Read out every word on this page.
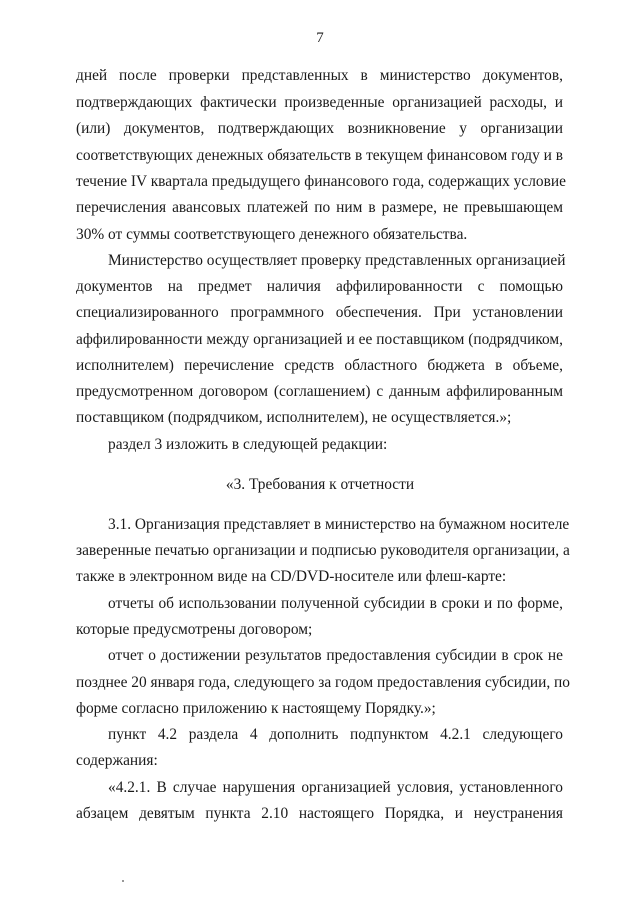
7
дней после проверки представленных в министерство документов,
подтверждающих фактически произведенные организацией расходы, и
(или) документов, подтверждающих возникновение у организации
соответствующих денежных обязательств в текущем финансовом году и в
течение IV квартала предыдущего финансового года, содержащих условие
перечисления авансовых платежей по ним в размере, не превышающем
30% от суммы соответствующего денежного обязательства.
Министерство осуществляет проверку представленных организацией
документов на предмет наличия аффилированности с помощью
специализированного программного обеспечения. При установлении
аффилированности между организацией и ее поставщиком (подрядчиком,
исполнителем) перечисление средств областного бюджета в объеме,
предусмотренном договором (соглашением) с данным аффилированным
поставщиком (подрядчиком, исполнителем), не осуществляется.»;
раздел 3 изложить в следующей редакции:
«3. Требования к отчетности
3.1. Организация представляет в министерство на бумажном носителе
заверенные печатью организации и подписью руководителя организации, а
также в электронном виде на CD/DVD-носителе или флеш-карте:
отчеты об использовании полученной субсидии в сроки и по форме,
которые предусмотрены договором;
отчет о достижении результатов предоставления субсидии в срок не
позднее 20 января года, следующего за годом предоставления субсидии, по
форме согласно приложению к настоящему Порядку.»;
пункт 4.2 раздела 4 дополнить подпунктом 4.2.1 следующего
содержания:
«4.2.1. В случае нарушения организацией условия, установленного
абзацем девятым пункта 2.10 настоящего Порядка, и неустранения
